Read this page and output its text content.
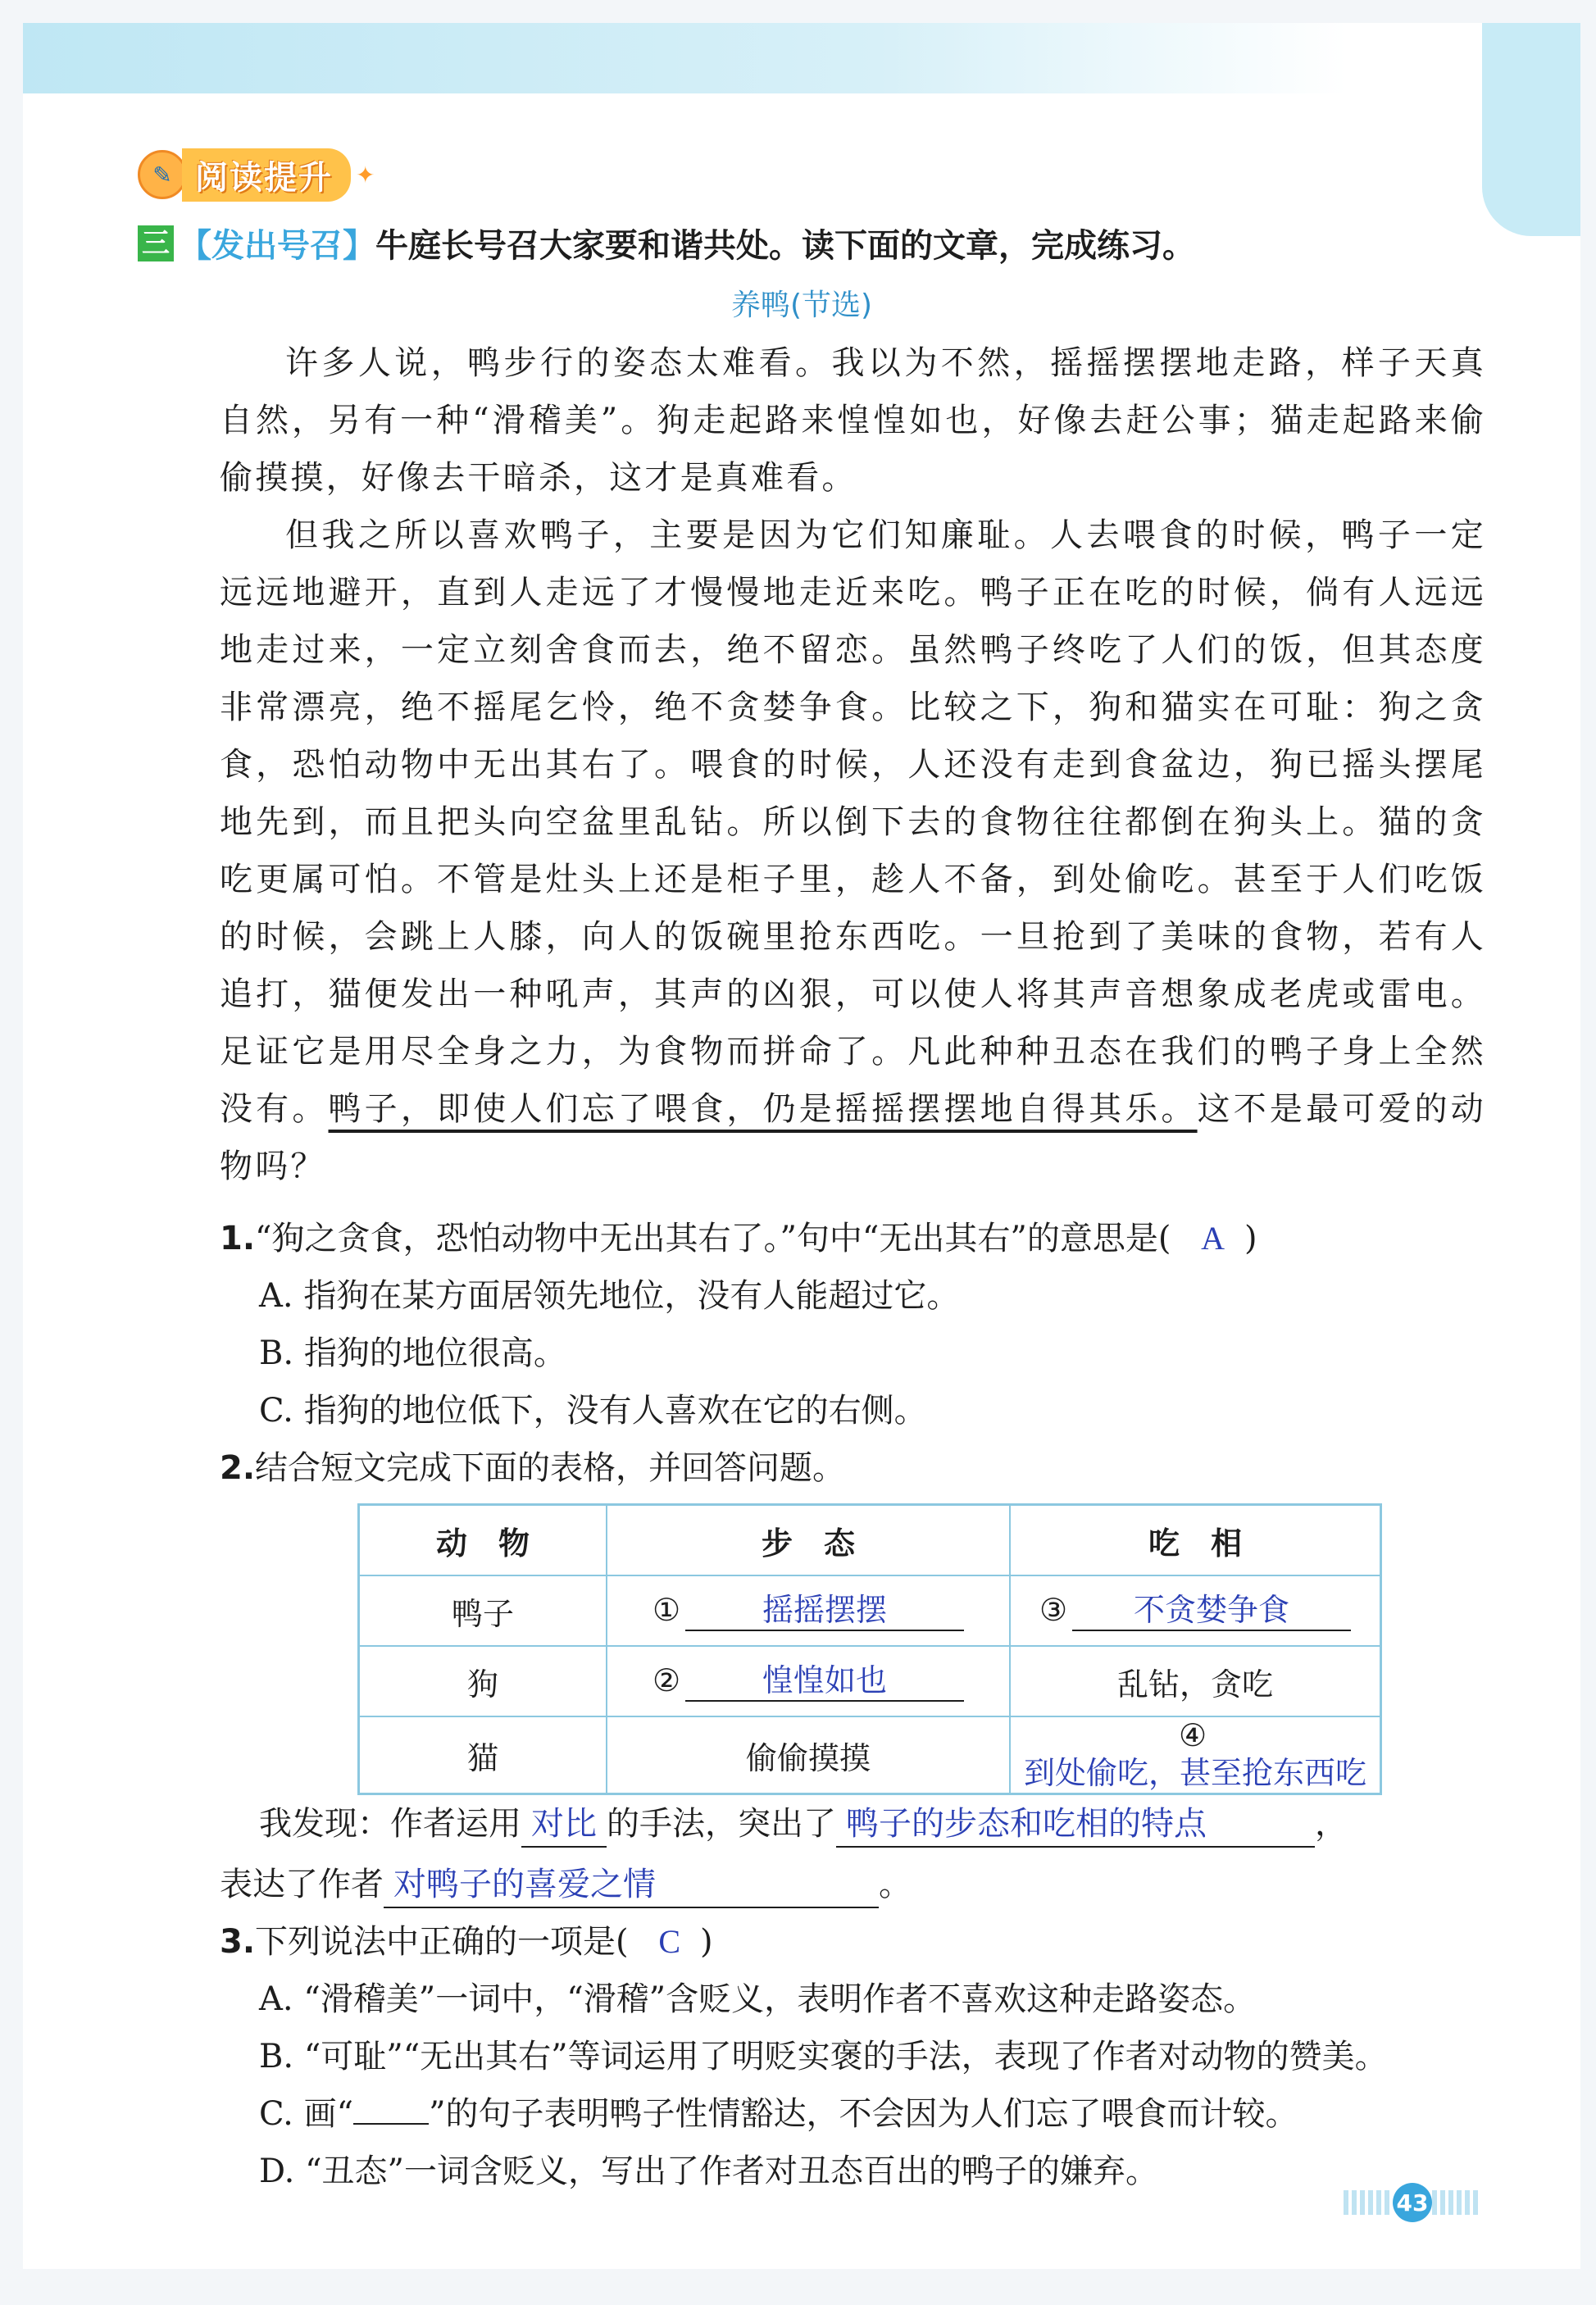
✎ 阅读提升	✦
三 【发出号召】 牛庭长号召大家要和谐共处。读下面的文章，完成练习。
养鸭(节选)

许多人说，鸭步行的姿态太难看。我以为不然，摇摇摆摆地走路，样子天真自然，另有一种“滑稽美”。狗走起路来惶惶如也，好像去赶公事；猫走起路来偷偷摸摸，好像去干暗杀，这才是真难看。

但我之所以喜欢鸭子，主要是因为它们知廉耻。人去喂食的时候，鸭子一定远远地避开，直到人走远了才慢慢地走近来吃。鸭子正在吃的时候，倘有人远远地走过来，一定立刻舍食而去，绝不留恋。虽然鸭子终吃了人们的饭，但其态度非常漂亮，绝不摇尾乞怜，绝不贪婪争食。比较之下，狗和猫实在可耻：狗之贪食，恐怕动物中无出其右了。喂食的时候，人还没有走到食盆边，狗已摇头摆尾地先到，而且把头向空盆里乱钻。所以倒下去的食物往往都倒在狗头上。猫的贪吃更属可怕。不管是灶头上还是柜子里，趁人不备，到处偷吃。甚至于人们吃饭的时候，会跳上人膝，向人的饭碗里抢东西吃。一旦抢到了美味的食物，若有人追打，猫便发出一种吼声，其声的凶狠，可以使人将其声音想象成老虎或雷电。足证它是用尽全身之力，为食物而拼命了。凡此种种丑态在我们的鸭子身上全然没有。鸭子，即使人们忘了喂食，仍是摇摇摆摆地自得其乐。这不是最可爱的动物吗？

1.“狗之贪食，恐怕动物中无出其右了。”句中“无出其右”的意思是( A )
A. 指狗在某方面居领先地位，没有人能超过它。
B. 指狗的地位很高。
C. 指狗的地位低下，没有人喜欢在它的右侧。
2.结合短文完成下面的表格，并回答问题。
动　物	步　态	吃　相
鸭子	① 摇摇摆摆	③ 不贪婪争食
狗	② 惶惶如也	乱钻，贪吃
猫	偷偷摸摸	④到处偷吃，甚至抢东西吃
我发现：作者运用 对比 的手法，突出了 鸭子的步态和吃相的特点	，
表达了作者 对鸭子的喜爱之情	。
3.下列说法中正确的一项是( C )
A. “滑稽美”一词中，“滑稽”含贬义，表明作者不喜欢这种走路姿态。
B. “可耻”“无出其右”等词运用了明贬实褒的手法，表现了作者对动物的赞美。
C. 画“ ”的句子表明鸭子性情豁达，不会因为人们忘了喂食而计较。
D. “丑态”一词含贬义，写出了作者对丑态百出的鸭子的嫌弃。
43
